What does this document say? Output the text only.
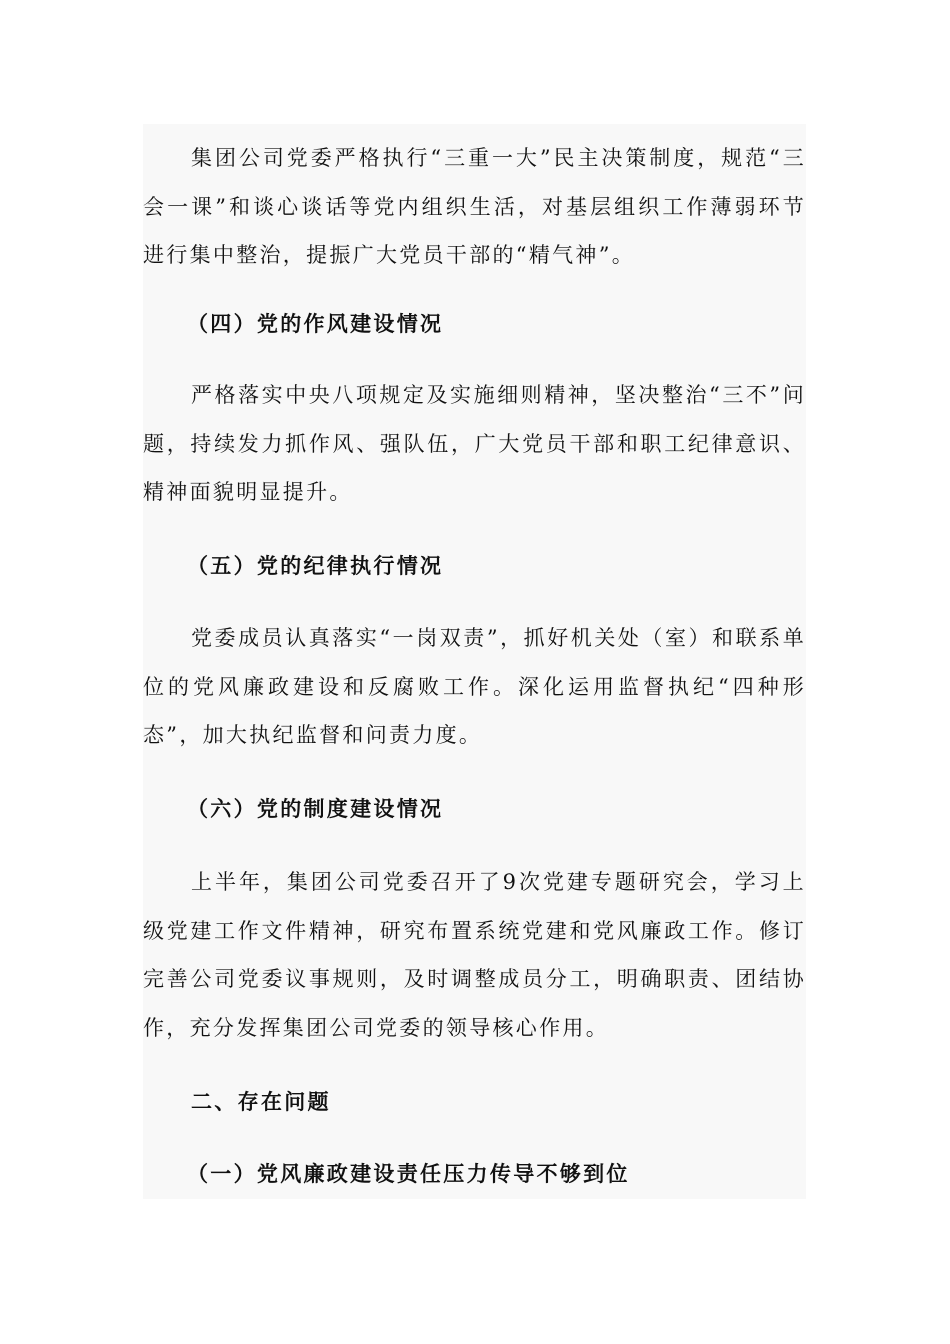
集团公司党委严格执行“三重一大”民主决策制度，规范“三会一课”和谈心谈话等党内组织生活，对基层组织工作薄弱环节进行集中整治，提振广大党员干部的“精气神”。

（四）党的作风建设情况

严格落实中央八项规定及实施细则精神，坚决整治“三不”问题，持续发力抓作风、强队伍，广大党员干部和职工纪律意识、精神面貌明显提升。

（五）党的纪律执行情况

党委成员认真落实“一岗双责”，抓好机关处（室）和联系单位的党风廉政建设和反腐败工作。深化运用监督执纪“四种形态”，加大执纪监督和问责力度。

（六）党的制度建设情况

上半年，集团公司党委召开了9次党建专题研究会，学习上级党建工作文件精神，研究布置系统党建和党风廉政工作。修订完善公司党委议事规则，及时调整成员分工，明确职责、团结协作，充分发挥集团公司党委的领导核心作用。

二、存在问题
（一）党风廉政建设责任压力传导不够到位
